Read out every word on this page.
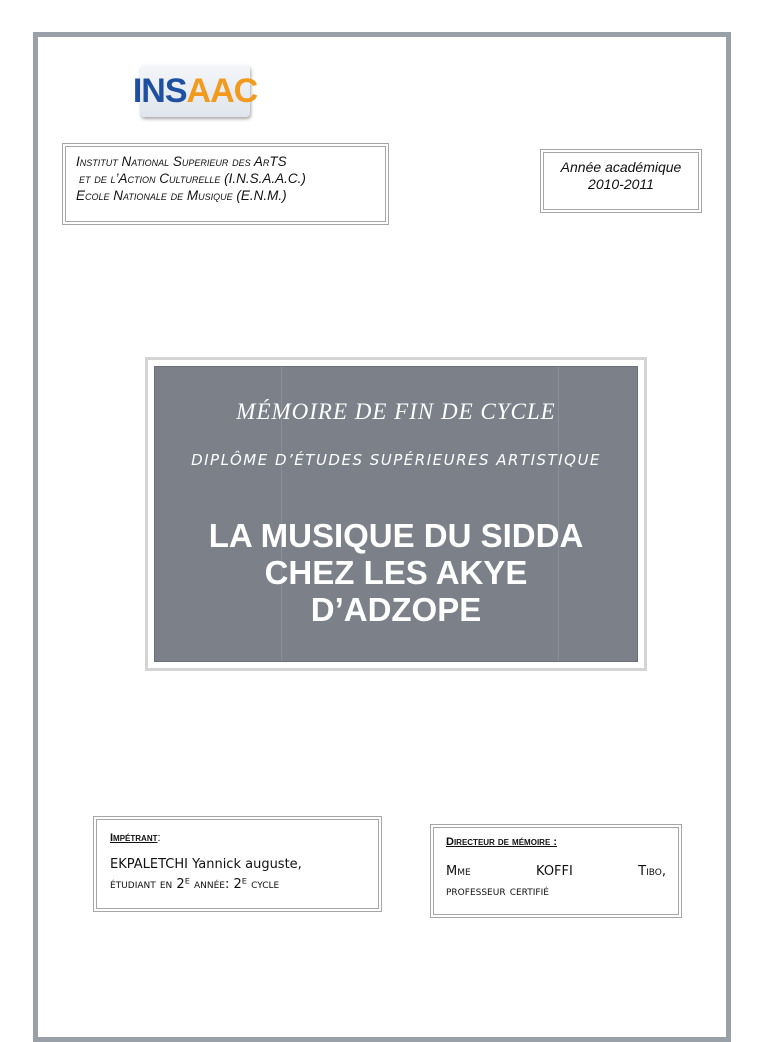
INS AAC
Institut National Superieur des ArTS
et de l’Action Culturelle (I.N.S.A.A.C.)
Ecole Nationale de Musique (E.N.M.)
Année académique
2010-2011
MÉMOIRE DE FIN DE CYCLE
DIPLÔME D’ÉTUDES SUPÉRIEURES ARTISTIQUE
LA MUSIQUE DU SIDDA
CHEZ LES AKYE
D’ADZOPE
Impétrant:
EKPALETCHI Yannick auguste,
étudiant en 2ᴱ année: 2ᴱ cycle
Directeur de mémoire :
Mme	KOFFI	Tibo,
professeur certifié
